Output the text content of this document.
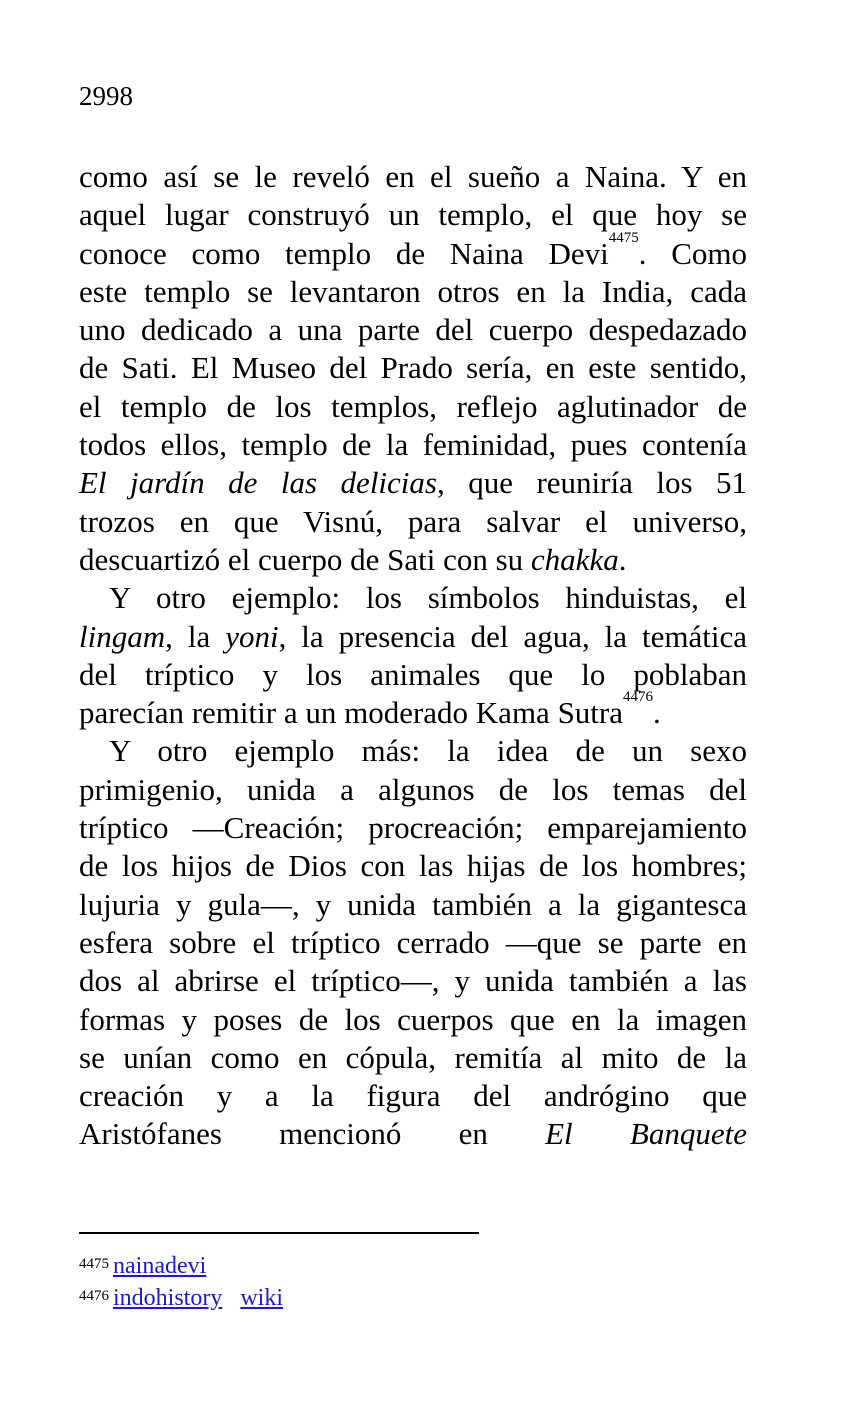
2998
como así se le reveló en el sueño a Naina. Y en
aquel lugar construyó un templo, el que hoy se
conoce como templo de Naina Devi$^{4475}$. Como
este templo se levantaron otros en la India, cada
uno dedicado a una parte del cuerpo despedazado
de Sati. El Museo del Prado sería, en este sentido,
el templo de los templos, reflejo aglutinador de
todos ellos, templo de la feminidad, pues contenía
El jardín de las delicias, que reuniría los 51
trozos en que Visnú, para salvar el universo,
descuartizó el cuerpo de Sati con su chakka.
Y otro ejemplo: los símbolos hinduistas, el
lingam, la yoni, la presencia del agua, la temática
del tríptico y los animales que lo poblaban
parecían remitir a un moderado Kama Sutra$^{4476}$.
Y otro ejemplo más: la idea de un sexo
primigenio, unida a algunos de los temas del
tríptico —Creación; procreación; emparejamiento
de los hijos de Dios con las hijas de los hombres;
lujuria y gula—, y unida también a la gigantesca
esfera sobre el tríptico cerrado —que se parte en
dos al abrirse el tríptico—, y unida también a las
formas y poses de los cuerpos que en la imagen
se unían como en cópula, remitía al mito de la
creación y a la figura del andrógino que
Aristófanes mencionó en El Banquete
$^{4475}$ nainadevi
$^{4476}$ indohistory wiki
